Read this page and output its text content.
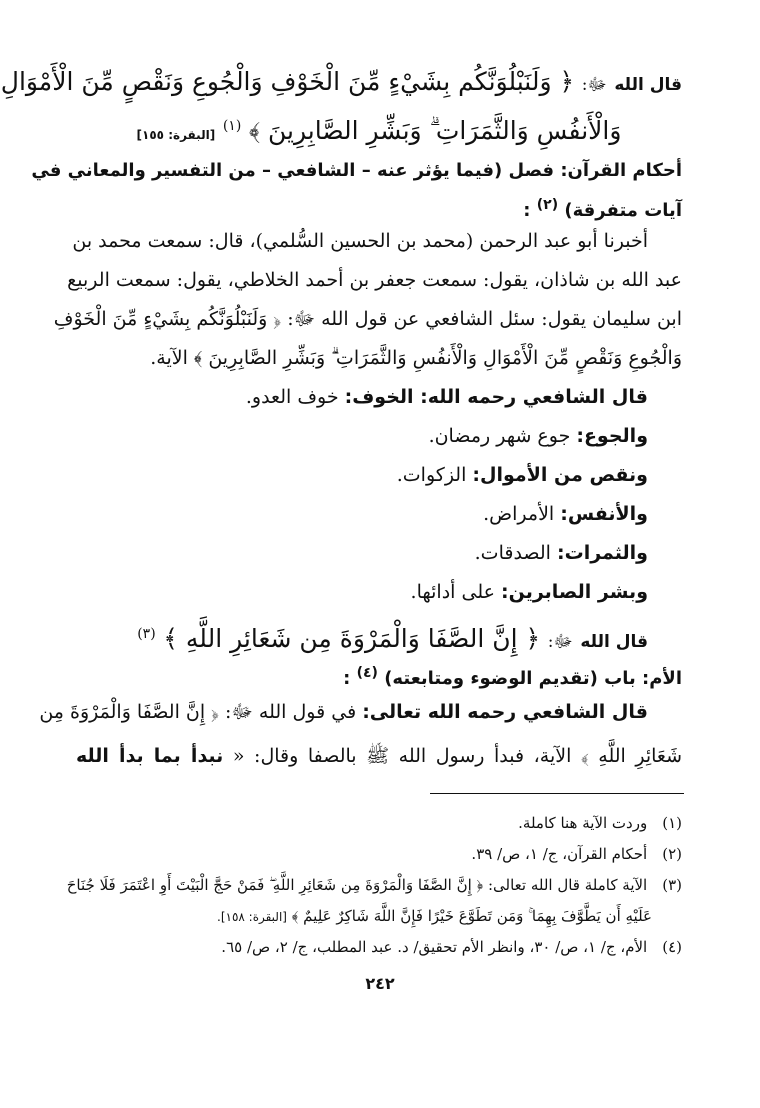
قال الله ﷻ: ﴿ وَلَنَبْلُوَنَّكُم بِشَيْءٍ مِّنَ الْخَوْفِ وَالْجُوعِ وَنَقْصٍ مِّنَ الْأَمْوَالِ
وَالْأَنفُسِ وَالثَّمَرَاتِ ۗ وَبَشِّرِ الصَّابِرِينَ ﴾ $^{(١)}$ [البقرة: ١٥٥]
أحكام القرآن: فصل (فيما يؤثر عنه – الشافعي – من التفسير والمعاني في
آيات متفرقة) $^{(٢)}$ :
أخبرنا أبو عبد الرحمن (محمد بن الحسين السُّلمي)، قال: سمعت محمد بن
عبد الله بن شاذان، يقول: سمعت جعفر بن أحمد الخلاطي، يقول: سمعت الربيع
ابن سليمان يقول: سئل الشافعي عن قول الله ﷻ: ﴿ وَلَنَبْلُوَنَّكُم بِشَيْءٍ مِّنَ الْخَوْفِ
وَالْجُوعِ وَنَقْصٍ مِّنَ الْأَمْوَالِ وَالْأَنفُسِ وَالثَّمَرَاتِ ۗ وَبَشِّرِ الصَّابِرِينَ ﴾ الآية.
قال الشافعي رحمه الله: الخوف: خوف العدو.
والجوع: جوع شهر رمضان.
ونقص من الأموال: الزكوات.
والأنفس: الأمراض.
والثمرات: الصدقات.
وبشر الصابرين: على أدائها.
قال الله ﷻ: ﴿ إِنَّ الصَّفَا وَالْمَرْوَةَ مِن شَعَائِرِ اللَّهِ ﴾ $^{(٣)}$
الأم: باب (تقديم الوضوء ومتابعته) $^{(٤)}$ :
قال الشافعي رحمه الله تعالى: في قول الله ﷻ: ﴿ إِنَّ الصَّفَا وَالْمَرْوَةَ مِن
شَعَائِرِ اللَّهِ ﴾ الآية، فبدأ رسول الله ﷺ بالصفا وقال: « نبدأ بما بدأ الله
(١) وردت الآية هنا كاملة.
(٢) أحكام القرآن، ج/ ١، ص/ ٣٩.
(٣) الآية كاملة قال الله تعالى: ﴿ إِنَّ الصَّفَا وَالْمَرْوَةَ مِن شَعَائِرِ اللَّهِ ۖ فَمَنْ حَجَّ الْبَيْتَ أَوِ اعْتَمَرَ فَلَا جُنَاحَ
عَلَيْهِ أَن يَطَّوَّفَ بِهِمَا ۚ وَمَن تَطَوَّعَ خَيْرًا فَإِنَّ اللَّهَ شَاكِرٌ عَلِيمٌ ﴾ [البقرة: ١٥٨].
(٤) الأم، ج/ ١، ص/ ٣٠، وانظر الأم تحقيق/ د. عبد المطلب، ج/ ٢، ص/ ٦٥.
٢٤٢
